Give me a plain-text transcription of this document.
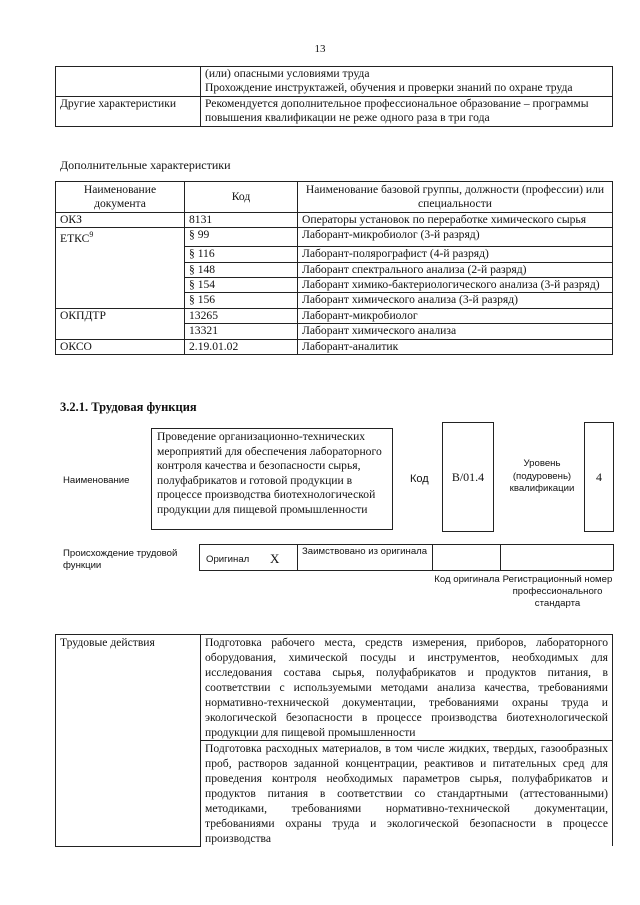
13

	(или) опасными условиями труда
Прохождение инструктажей, обучения и проверки знаний по охране труда

Другие характеристики	Рекомендуется дополнительное профессиональное образование – программы повышения квалификации не реже одного раза в три года
Дополнительные характеристики
Наименование документа	Код	Наименование базовой группы, должности (профессии) или специальности
ОКЗ	8131	Операторы установок по переработке химического сырья
ЕТКС$^9$	§ 99	Лаборант-микробиолог (3-й разряд)
	§ 116	Лаборант-полярографист (4-й разряд)
	§ 148	Лаборант спектрального анализа (2-й разряд)
	§ 154	Лаборант химико-бактериологического анализа (3-й разряд)
	§ 156	Лаборант химического анализа (3-й разряд)
ОКПДТР	13265	Лаборант-микробиолог
	13321	Лаборант химического анализа
ОКСО	2.19.01.02	Лаборант-аналитик
3.2.1. Трудовая функция
Наименование
Проведение организационно-технических мероприятий для обеспечения лабораторного контроля качества и безопасности сырья, полуфабрикатов и готовой продукции в процессе производства биотехнологической продукции для пищевой промышленности
Код	B/01.4
Уровень (подуровень) квалификации
4
Происхождение трудовой функции
Оригинал X Заимствовано из оригинала
Код оригинала Регистрационный номер профессионального стандарта
Трудовые действия	Подготовка рабочего места, средств измерения, приборов, лабораторного оборудования, химической посуды и инструментов, необходимых для исследования состава сырья, полуфабрикатов и продуктов питания, в соответствии с используемыми методами анализа качества, требованиями нормативно-технической документации, требованиями охраны труда и экологической безопасности в процессе производства биотехнологической продукции для пищевой промышленности
Подготовка расходных материалов, в том числе жидких, твердых, газообразных проб, растворов заданной концентрации, реактивов и питательных сред для проведения контроля необходимых параметров сырья, полуфабрикатов и продуктов питания в соответствии со стандартными (аттестованными) методиками, требованиями нормативно-технической документации, требованиями охраны труда и экологической безопасности в процессе производства
